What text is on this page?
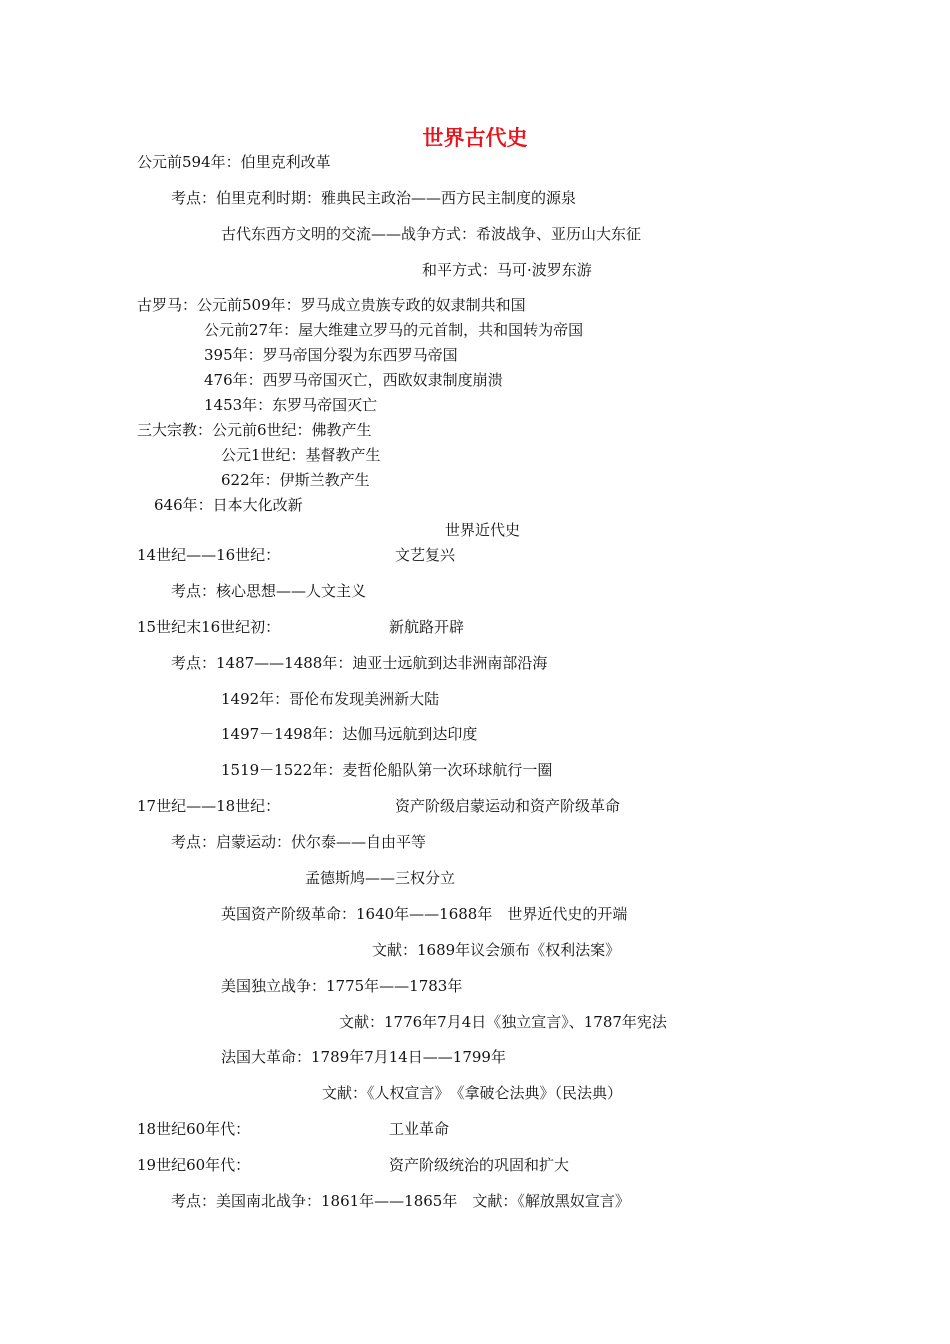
世界古代史
公元前594年：伯里克利改革
考点：伯里克利时期：雅典民主政治——西方民主制度的源泉
古代东西方文明的交流——战争方式：希波战争、亚历山大东征
和平方式：马可·波罗东游
古罗马：公元前509年：罗马成立贵族专政的奴隶制共和国
公元前27年：屋大维建立罗马的元首制，共和国转为帝国
395年：罗马帝国分裂为东西罗马帝国
476年：西罗马帝国灭亡，西欧奴隶制度崩溃
1453年：东罗马帝国灭亡
三大宗教：公元前6世纪：佛教产生
公元1世纪：基督教产生
622年：伊斯兰教产生
646年：日本大化改新
世界近代史
14世纪——16世纪：	文艺复兴
考点：核心思想——人文主义
15世纪末16世纪初：	新航路开辟
考点：1487——1488年：迪亚士远航到达非洲南部沿海
1492年：哥伦布发现美洲新大陆
1497－1498年：达伽马远航到达印度
1519－1522年：麦哲伦船队第一次环球航行一圈
17世纪——18世纪：	资产阶级启蒙运动和资产阶级革命
考点：启蒙运动：伏尔泰——自由平等
孟德斯鸠——三权分立
英国资产阶级革命：1640年——1688年　世界近代史的开端
文献：1689年议会颁布《权利法案》
美国独立战争：1775年——1783年
文献：1776年7月4日《独立宣言》、1787年宪法
法国大革命：1789年7月14日——1799年
文献：《人权宣言》　《拿破仑法典》（民法典）
18世纪60年代：	工业革命
19世纪60年代：	资产阶级统治的巩固和扩大
考点：美国南北战争：1861年——1865年　文献：《解放黑奴宣言》
